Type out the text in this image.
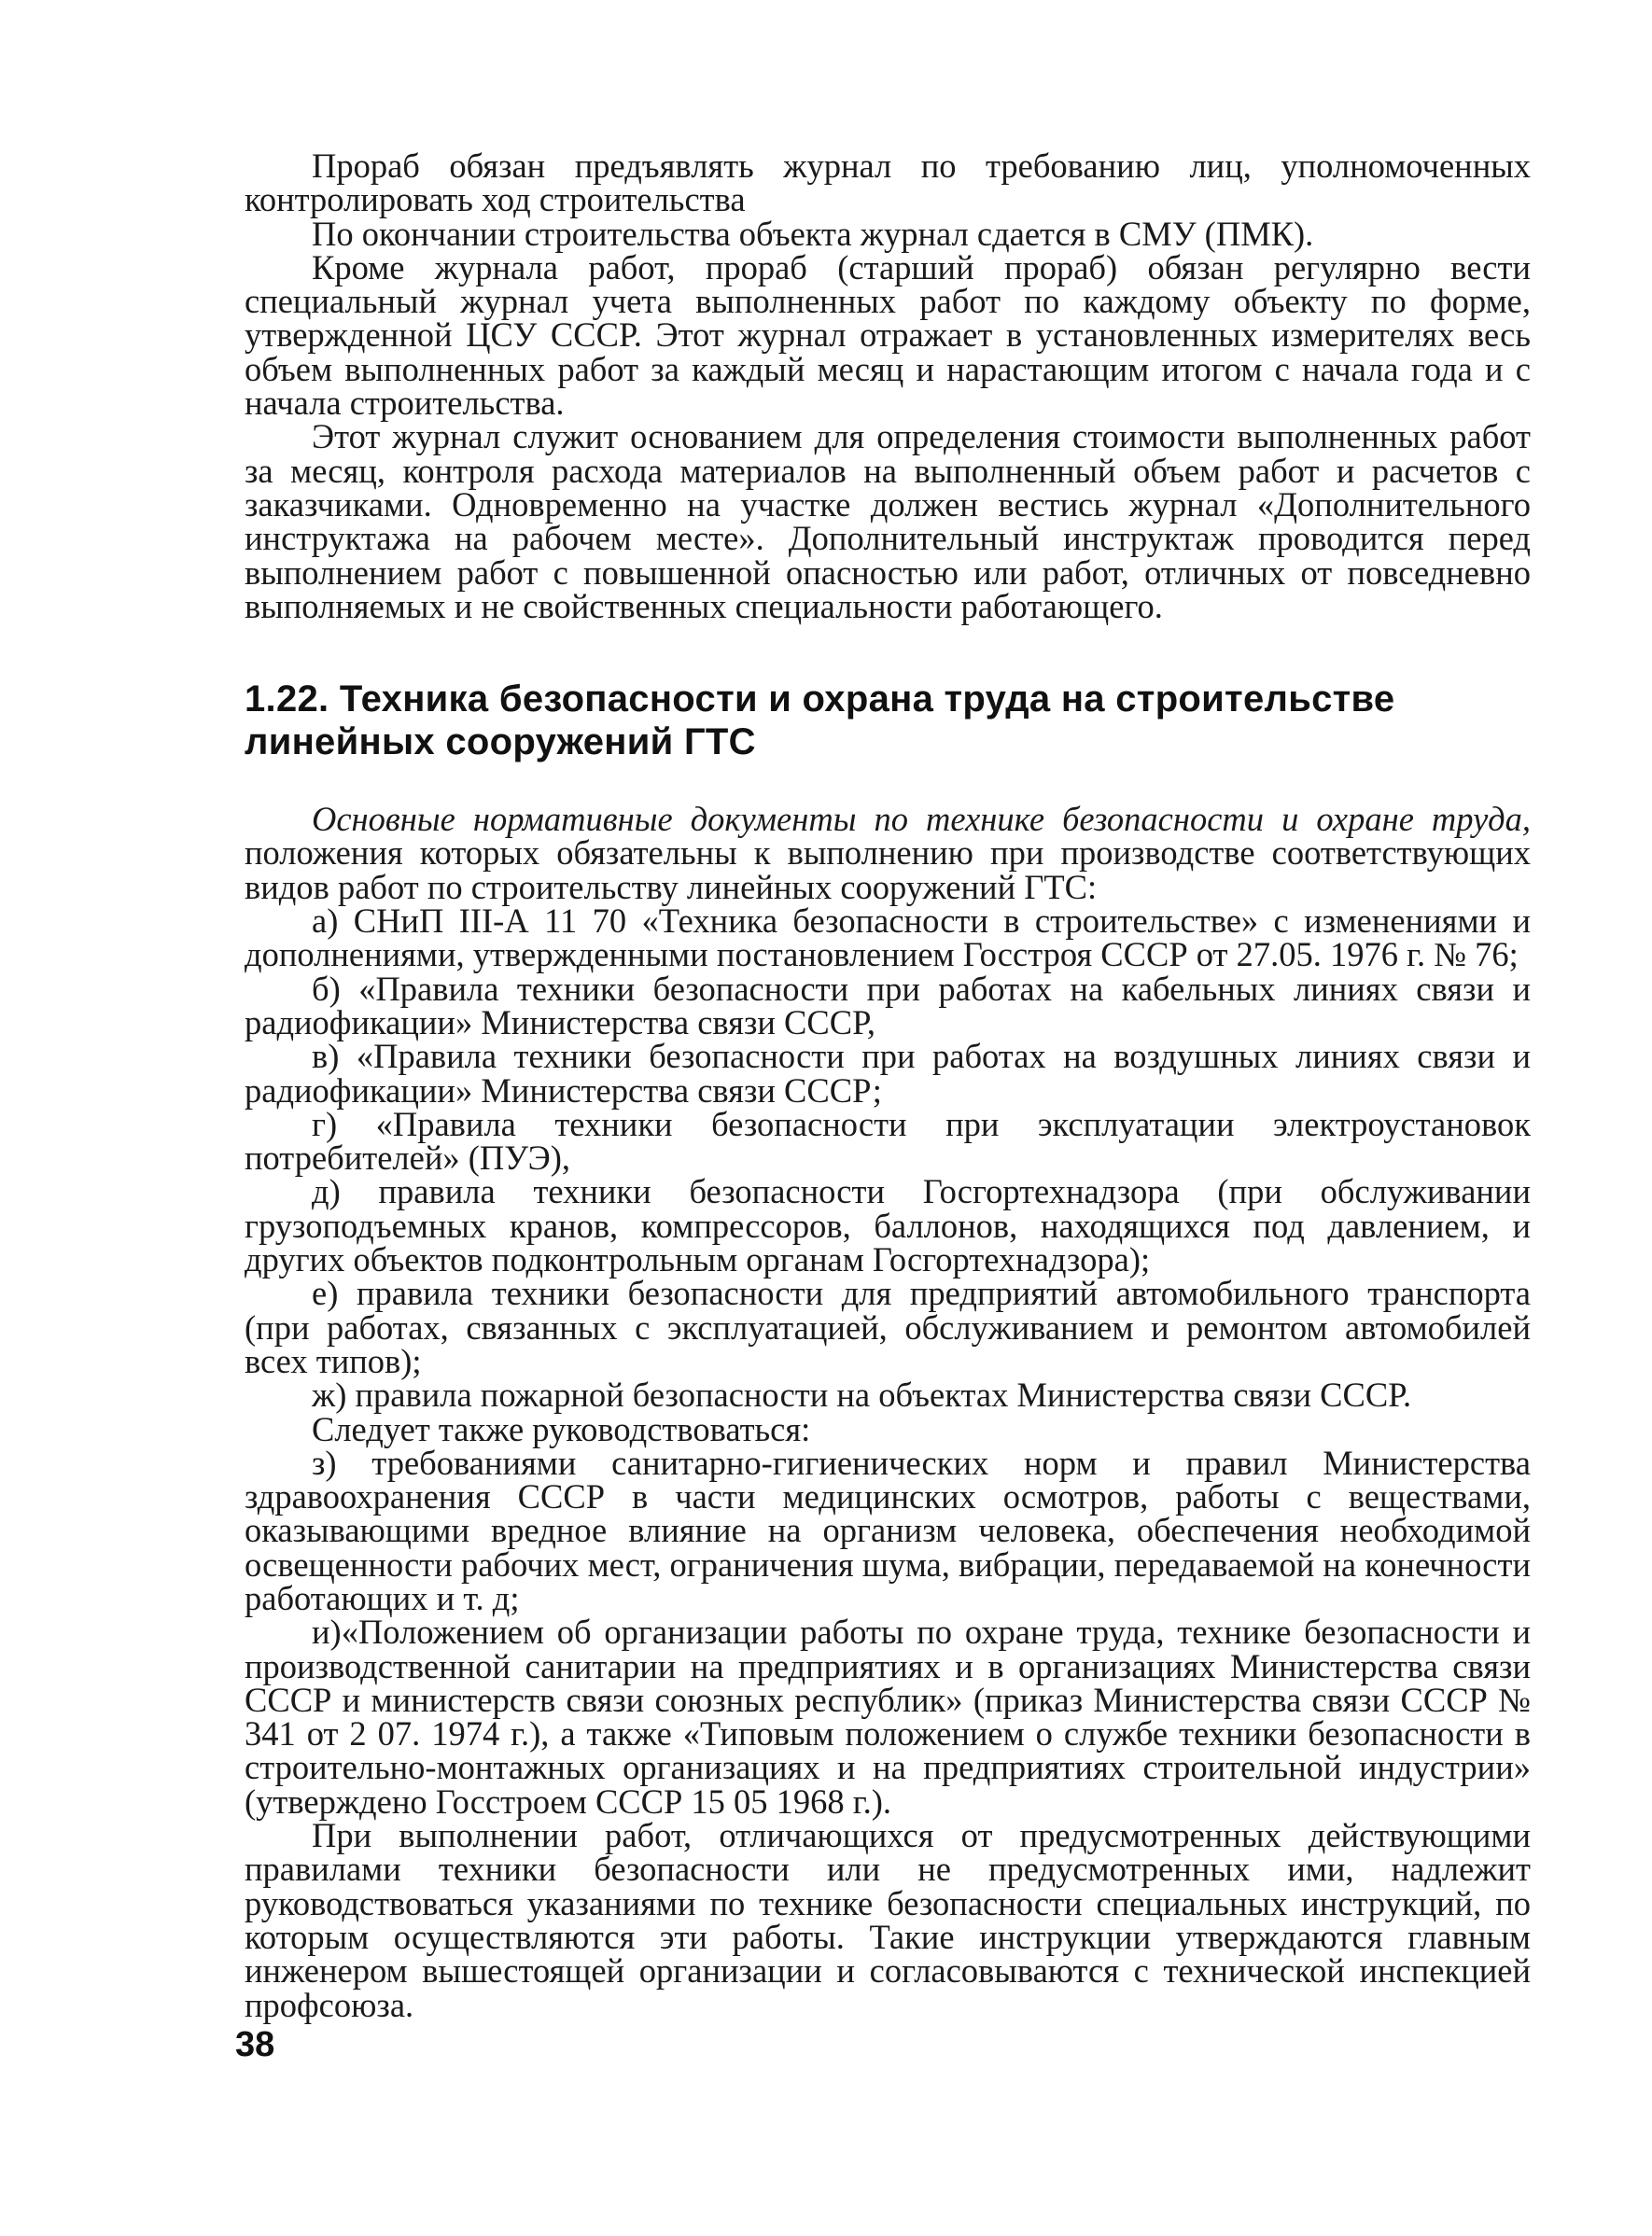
Прораб обязан предъявлять журнал по требованию лиц, уполномоченных контролировать ход строительства

По окончании строительства объекта журнал сдается в СМУ (ПМК).

Кроме журнала работ, прораб (старший прораб) обязан регулярно вести специальный журнал учета выполненных работ по каждому объекту по форме, утвержденной ЦСУ СССР. Этот журнал отражает в установленных измерителях весь объем выполненных работ за каждый месяц и нарастающим итогом с начала года и с начала строительства.

Этот журнал служит основанием для определения стоимости выполненных работ за месяц, контроля расхода материалов на выполненный объем работ и расчетов с заказчиками. Одновременно на участке должен вестись журнал «Дополнительного инструктажа на рабочем месте». Дополнительный инструктаж проводится перед выполнением работ с повышенной опасностью или работ, отличных от повседневно выполняемых и не свойственных специальности работающего.

1.22. Техника безопасности и охрана труда на строительстве
линейных сооружений ГТС

Основные нормативные документы по технике безопасности и охране труда, положения которых обязательны к выполнению при производстве соответствующих видов работ по строительству линейных сооружений ГТС:

а) СНиП III-А 11 70 «Техника безопасности в строительстве» с изменениями и дополнениями, утвержденными постановлением Госстроя СССР от 27.05. 1976 г. № 76;

б) «Правила техники безопасности при работах на кабельных линиях связи и радиофикации» Министерства связи СССР,

в) «Правила техники безопасности при работах на воздушных линиях связи и радиофикации» Министерства связи СССР;

г) «Правила техники безопасности при эксплуатации электроустановок потребителей» (ПУЭ),

д) правила техники безопасности Госгортехнадзора (при обслуживании грузоподъемных кранов, компрессоров, баллонов, находящихся под давлением, и других объектов подконтрольным органам Госгортехнадзора);

е) правила техники безопасности для предприятий автомобильного транспорта (при работах, связанных с эксплуатацией, обслуживанием и ремонтом автомобилей всех типов);

ж) правила пожарной безопасности на объектах Министерства связи СССР.

Следует также руководствоваться:

з) требованиями санитарно-гигиенических норм и правил Министерства здравоохранения СССР в части медицинских осмотров, работы с веществами, оказывающими вредное влияние на организм человека, обеспечения необходимой освещенности рабочих мест, ограничения шума, вибрации, передаваемой на конечности работающих и т. д;

и)«Положением об организации работы по охране труда, технике безопасности и производственной санитарии на предприятиях и в организациях Министерства связи СССР и министерств связи союзных республик» (приказ Министерства связи СССР № 341 от 2 07. 1974 г.), а также «Типовым положением о службе техники безопасности в строительно-монтажных организациях и на предприятиях строительной индустрии» (утверждено Госстроем СССР 15 05 1968 г.).

При выполнении работ, отличающихся от предусмотренных действующими правилами техники безопасности или не предусмотренных ими, надлежит руководствоваться указаниями по технике безопасности специальных инструкций, по которым осуществляются эти работы. Такие инструкции утверждаются главным инженером вышестоящей организации и согласовываются с технической инспекцией профсоюза.

38
